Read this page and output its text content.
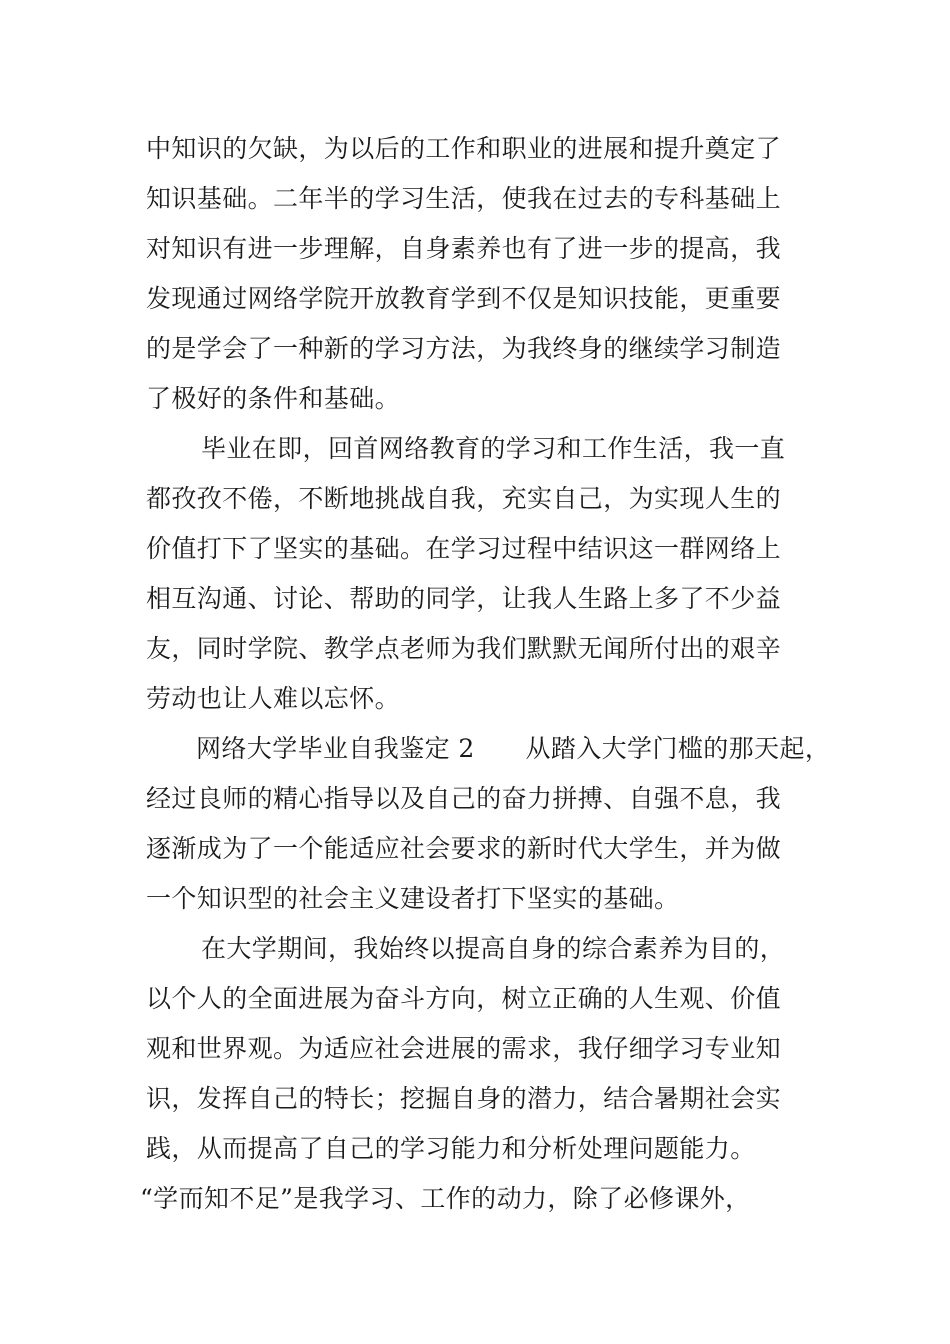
中知识的欠缺，为以后的工作和职业的进展和提升奠定了
知识基础。二年半的学习生活，使我在过去的专科基础上
对知识有进一步理解，自身素养也有了进一步的提高，我
发现通过网络学院开放教育学到不仅是知识技能，更重要
的是学会了一种新的学习方法，为我终身的继续学习制造
了极好的条件和基础。
毕业在即，回首网络教育的学习和工作生活，我一直
都孜孜不倦，不断地挑战自我，充实自己，为实现人生的
价值打下了坚实的基础。在学习过程中结识这一群网络上
相互沟通、讨论、帮助的同学，让我人生路上多了不少益
友，同时学院、教学点老师为我们默默无闻所付出的艰辛
劳动也让人难以忘怀。
网络大学毕业自我鉴定 2　　从踏入大学门槛的那天起，
经过良师的精心指导以及自己的奋力拼搏、自强不息，我
逐渐成为了一个能适应社会要求的新时代大学生，并为做
一个知识型的社会主义建设者打下坚实的基础。
在大学期间，我始终以提高自身的综合素养为目的，
以个人的全面进展为奋斗方向，树立正确的人生观、价值
观和世界观。为适应社会进展的需求，我仔细学习专业知
识，发挥自己的特长；挖掘自身的潜力，结合暑期社会实
践，从而提高了自己的学习能力和分析处理问题能力。
“学而知不足”是我学习、工作的动力，除了必修课外，
